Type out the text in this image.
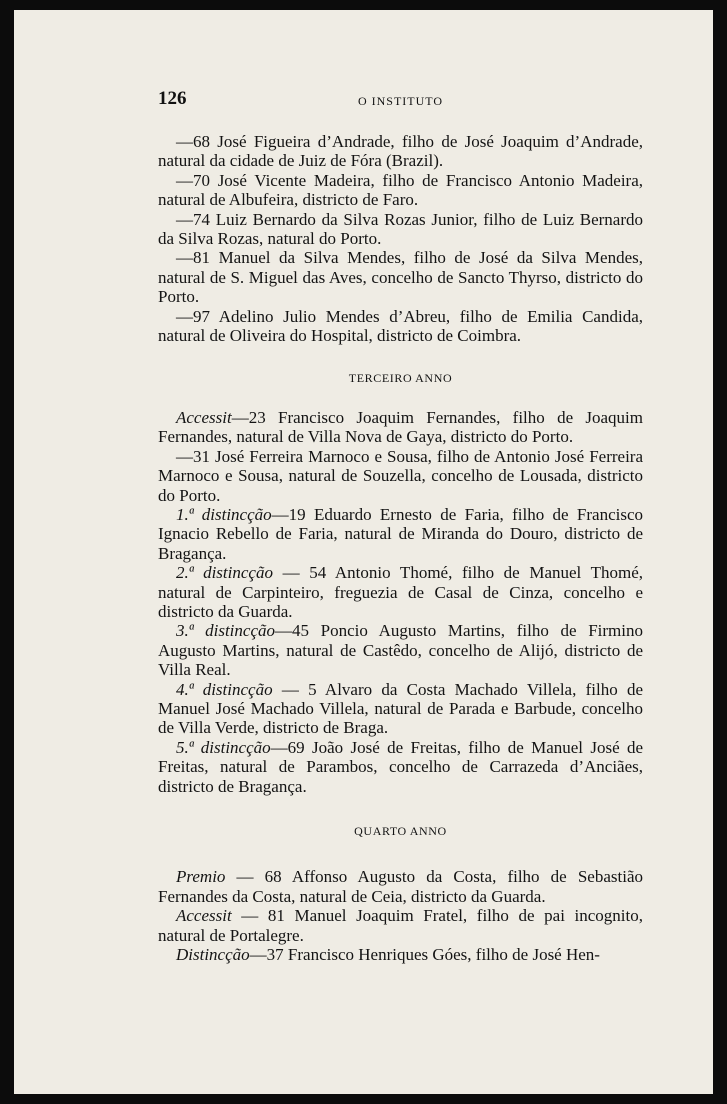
126	O INSTITUTO

—68 José Figueira d’Andrade, filho de José Joaquim d’Andrade, natural da cidade de Juiz de Fóra (Brazil).

—70 José Vicente Madeira, filho de Francisco Antonio Madeira, natural de Albufeira, districto de Faro.

—74 Luiz Bernardo da Silva Rozas Junior, filho de Luiz Bernardo da Silva Rozas, natural do Porto.

—81 Manuel da Silva Mendes, filho de José da Silva Mendes, natural de S. Miguel das Aves, concelho de Sancto Thyrso, districto do Porto.

—97 Adelino Julio Mendes d’Abreu, filho de Emilia Candida, natural de Oliveira do Hospital, districto de Coimbra.

TERCEIRO ANNO

Accessit—23 Francisco Joaquim Fernandes, filho de Joaquim Fernandes, natural de Villa Nova de Gaya, districto do Porto.

—31 José Ferreira Marnoco e Sousa, filho de Antonio José Ferreira Marnoco e Sousa, natural de Souzella, concelho de Lousada, districto do Porto.

1.ª distincção—19 Eduardo Ernesto de Faria, filho de Francisco Ignacio Rebello de Faria, natural de Miranda do Douro, districto de Bragança.

2.ª distincção — 54 Antonio Thomé, filho de Manuel Thomé, natural de Carpinteiro, freguezia de Casal de Cinza, concelho e districto da Guarda.

3.ª distincção—45 Poncio Augusto Martins, filho de Firmino Augusto Martins, natural de Castêdo, concelho de Alijó, districto de Villa Real.

4.ª distincção — 5 Alvaro da Costa Machado Villela, filho de Manuel José Machado Villela, natural de Parada e Barbude, concelho de Villa Verde, districto de Braga.

5.ª distincção—69 João José de Freitas, filho de Manuel José de Freitas, natural de Parambos, concelho de Carrazeda d’Anciães, districto de Bragança.

QUARTO ANNO

Premio — 68 Affonso Augusto da Costa, filho de Sebastião Fernandes da Costa, natural de Ceia, districto da Guarda.

Accessit — 81 Manuel Joaquim Fratel, filho de pai incognito, natural de Portalegre.

Distincção—37 Francisco Henriques Góes, filho de José Hen-
